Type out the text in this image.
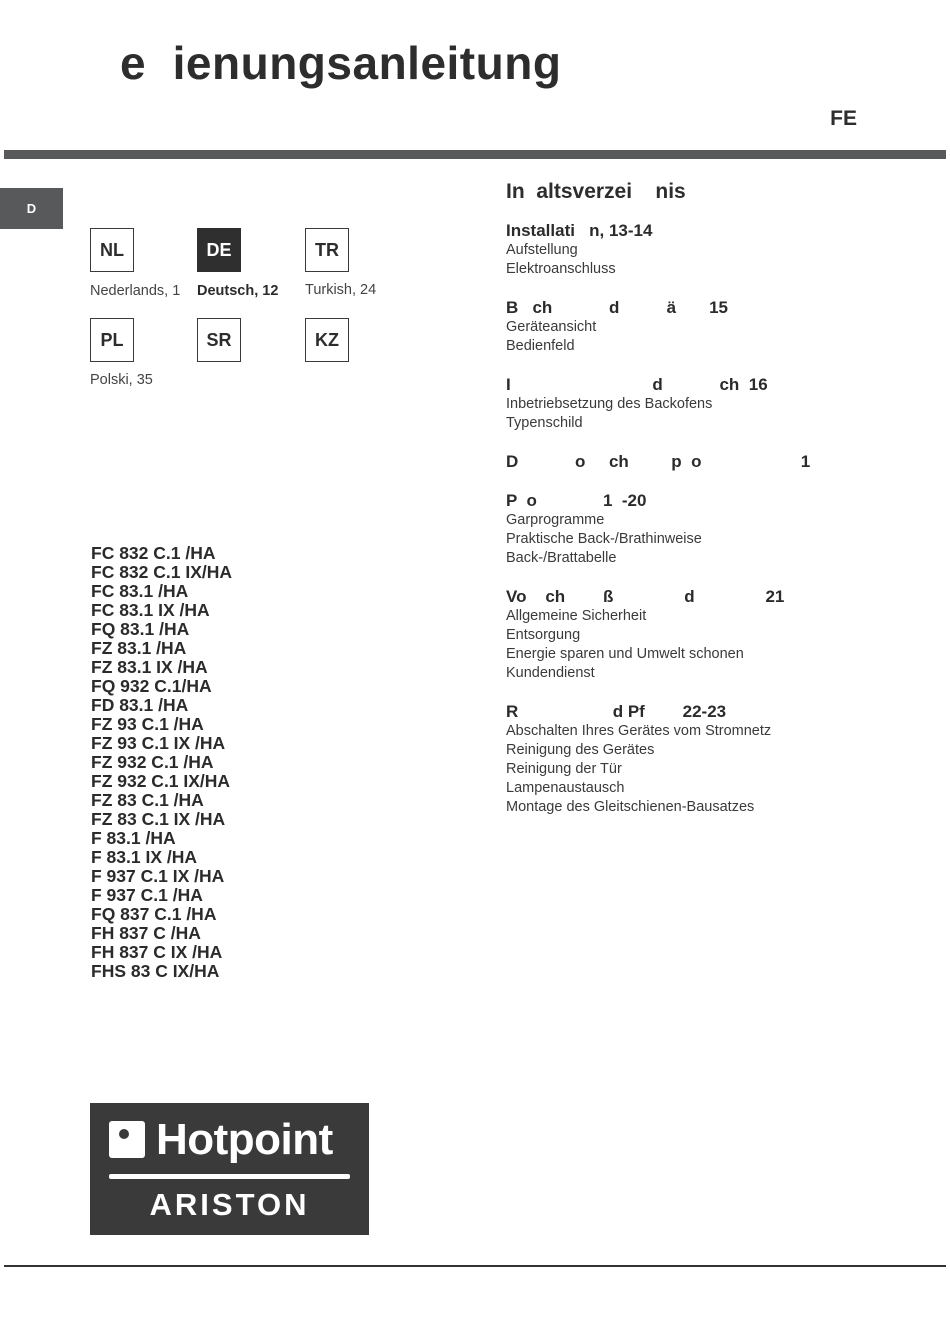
e  ienungsanleitung
FE
D
NL	DE	TR
Nederlands, 1 Deutsch, 12 Turkish, 24
PL	SR	KZ
Polski, 35
FC 832 C.1 /HA
FC 832 C.1 IX/HA
FC 83.1 /HA
FC 83.1 IX /HA
FQ 83.1 /HA
FZ 83.1 /HA
FZ 83.1 IX /HA
FQ 932 C.1/HA
FD 83.1 /HA
FZ 93 C.1 /HA
FZ 93 C.1 IX /HA
FZ 932 C.1 /HA
FZ 932 C.1 IX/HA
FZ 83 C.1 /HA
FZ 83 C.1 IX /HA
F 83.1 /HA
F 83.1 IX /HA
F 937 C.1 IX /HA
F 937 C.1 /HA
FQ 837 C.1 /HA
FH 837 C /HA
FH 837 C IX /HA
FHS 83 C IX/HA
Hotpoint
ARISTON
In  altsverzei    nis
Installati   n, 13-14
Aufstellung
Elektroanschluss
B   ch            d          ä       15
Geräteansicht
Bedienfeld
I                              d            ch  16
Inbetriebsetzung des Backofens
Typenschild
D            o     ch         p  o                     1
P  o              1  -20
Garprogramme
Praktische Back-/Brathinweise
Back-/Brattabelle
Vo    ch        ß               d               21
Allgemeine Sicherheit
Entsorgung
Energie sparen und Umwelt schonen
Kundendienst
R                    d Pf        22-23
Abschalten Ihres Gerätes vom Stromnetz
Reinigung des Gerätes
Reinigung der Tür
Lampenaustausch
Montage des Gleitschienen-Bausatzes
